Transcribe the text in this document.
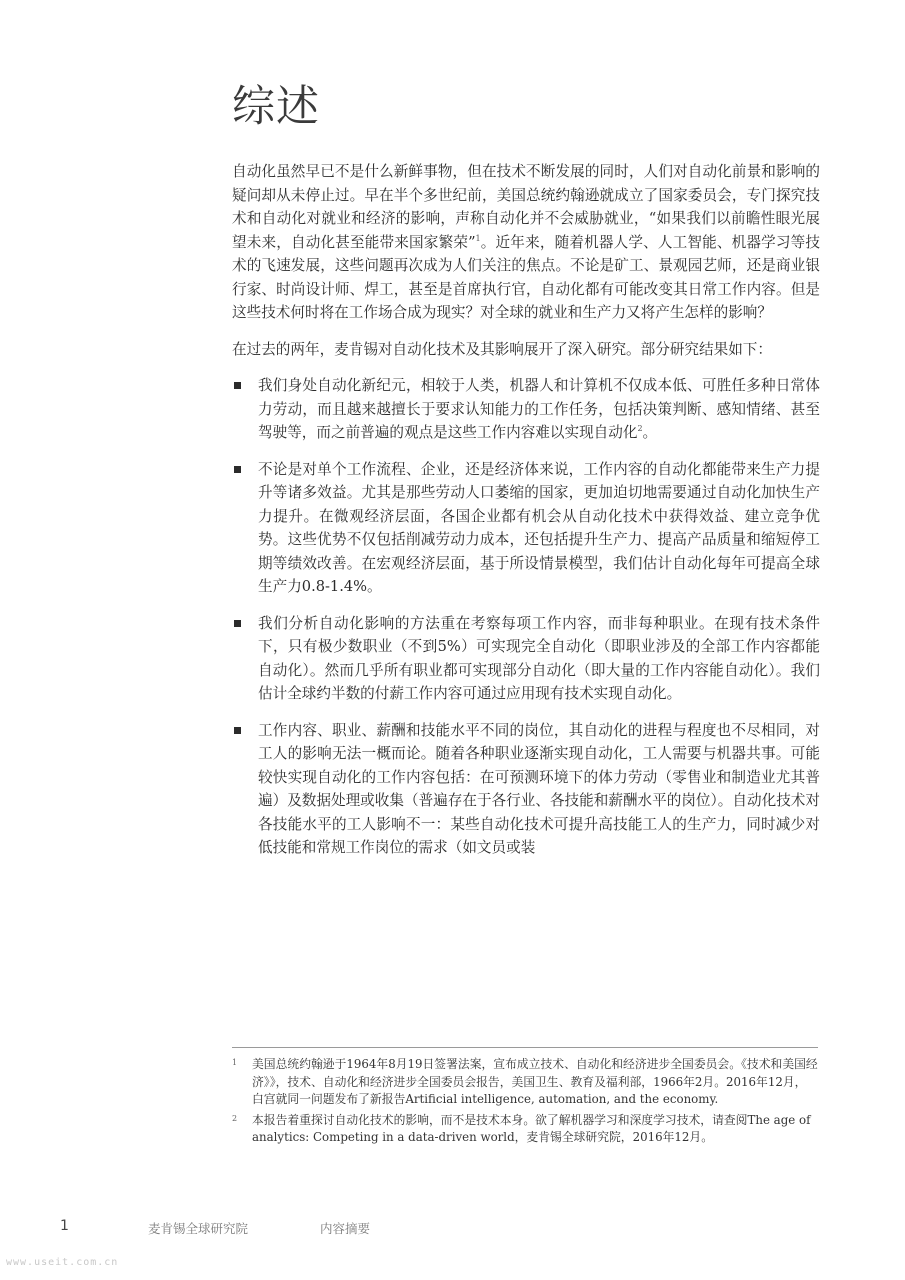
综述

自动化虽然早已不是什么新鲜事物，但在技术不断发展的同时，人们对自动化前景和影响的疑问却从未停止过。早在半个多世纪前，美国总统约翰逊就成立了国家委员会，专门探究技术和自动化对就业和经济的影响，声称自动化并不会威胁就业，“如果我们以前瞻性眼光展望未来，自动化甚至能带来国家繁荣”$^1$。近年来，随着机器人学、人工智能、机器学习等技术的飞速发展，这些问题再次成为人们关注的焦点。不论是矿工、景观园艺师，还是商业银行家、时尚设计师、焊工，甚至是首席执行官，自动化都有可能改变其日常工作内容。但是这些技术何时将在工作场合成为现实？对全球的就业和生产力又将产生怎样的影响？

在过去的两年，麦肯锡对自动化技术及其影响展开了深入研究。部分研究结果如下：

我们身处自动化新纪元，相较于人类，机器人和计算机不仅成本低、可胜任多种日常体力劳动，而且越来越擅长于要求认知能力的工作任务，包括决策判断、感知情绪、甚至驾驶等，而之前普遍的观点是这些工作内容难以实现自动化$^2$。
不论是对单个工作流程、企业，还是经济体来说，工作内容的自动化都能带来生产力提升等诸多效益。尤其是那些劳动人口萎缩的国家，更加迫切地需要通过自动化加快生产力提升。在微观经济层面，各国企业都有机会从自动化技术中获得效益、建立竞争优势。这些优势不仅包括削减劳动力成本，还包括提升生产力、提高产品质量和缩短停工期等绩效改善。在宏观经济层面，基于所设情景模型，我们估计自动化每年可提高全球生产力0.8-1.4%。
我们分析自动化影响的方法重在考察每项工作内容，而非每种职业。在现有技术条件下，只有极少数职业（不到5%）可实现完全自动化（即职业涉及的全部工作内容都能自动化）。然而几乎所有职业都可实现部分自动化（即大量的工作内容能自动化）。我们估计全球约半数的付薪工作内容可通过应用现有技术实现自动化。
工作内容、职业、薪酬和技能水平不同的岗位，其自动化的进程与程度也不尽相同，对工人的影响无法一概而论。随着各种职业逐渐实现自动化，工人需要与机器共事。可能较快实现自动化的工作内容包括：在可预测环境下的体力劳动（零售业和制造业尤其普遍）及数据处理或收集（普遍存在于各行业、各技能和薪酬水平的岗位）。自动化技术对各技能水平的工人影响不一：某些自动化技术可提升高技能工人的生产力，同时减少对低技能和常规工作岗位的需求（如文员或装
1 美国总统约翰逊于1964年8月19日签署法案，宣布成立技术、自动化和经济进步全国委员会。《技术和美国经济》》，技术、自动化和经济进步全国委员会报告，美国卫生、教育及福利部，1966年2月。2016年12月，白宫就同一问题发布了新报告Artificial intelligence, automation, and the economy.
2 本报告着重探讨自动化技术的影响，而不是技术本身。欲了解机器学习和深度学习技术，请查阅The age of analytics: Competing in a data-driven world，麦肯锡全球研究院，2016年12月。
1	麦肯锡全球研究院	内容摘要
www.useit.com.cn
